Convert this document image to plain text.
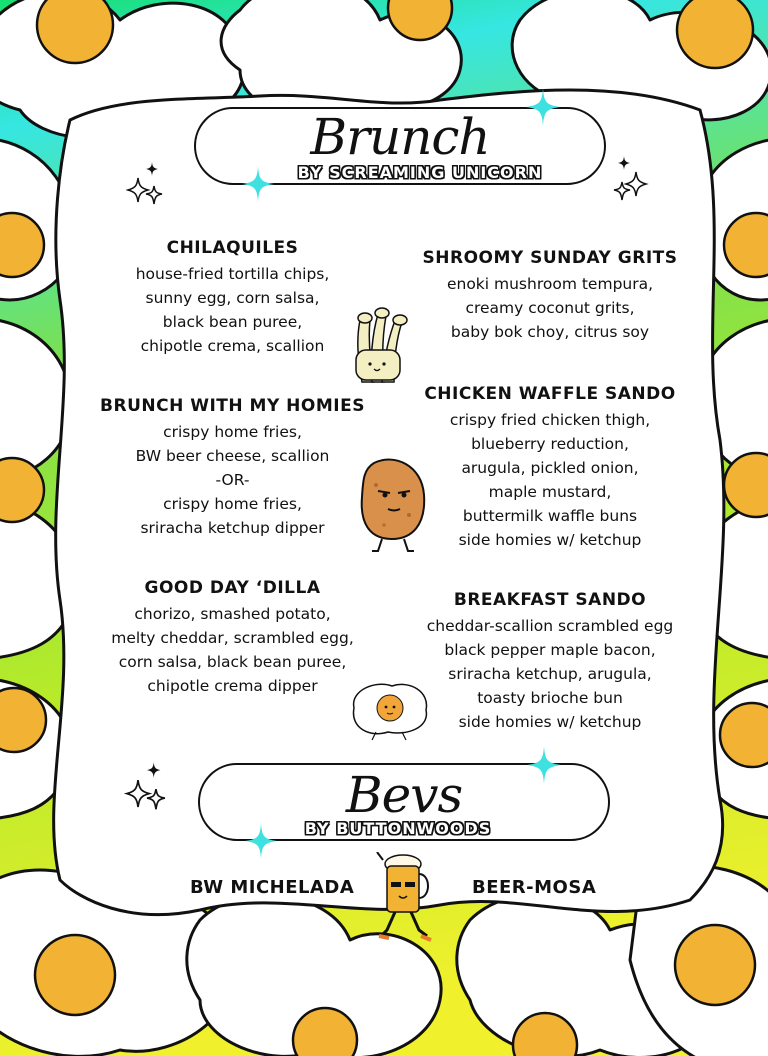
Brunch
BY SCREAMING UNICORN
CHILAQUILES
house-fried tortilla chips,
sunny egg, corn salsa,
black bean puree,
chipotle crema, scallion
SHROOMY SUNDAY GRITS
enoki mushroom tempura,
creamy coconut grits,
baby bok choy, citrus soy
BRUNCH WITH MY HOMIES
crispy home fries,
BW beer cheese, scallion
-OR-
crispy home fries,
sriracha ketchup dipper
CHICKEN WAFFLE SANDO
crispy fried chicken thigh,
blueberry reduction,
arugula, pickled onion,
maple mustard,
buttermilk waffle buns
side homies w/ ketchup
GOOD DAY ‘DILLA
chorizo, smashed potato,
melty cheddar, scrambled egg,
corn salsa, black bean puree,
chipotle crema dipper
BREAKFAST SANDO
cheddar-scallion scrambled egg
black pepper maple bacon,
sriracha ketchup, arugula,
toasty brioche bun
side homies w/ ketchup
Bevs
BY BUTTONWOODS
BW MICHELADA	BEER-MOSA
